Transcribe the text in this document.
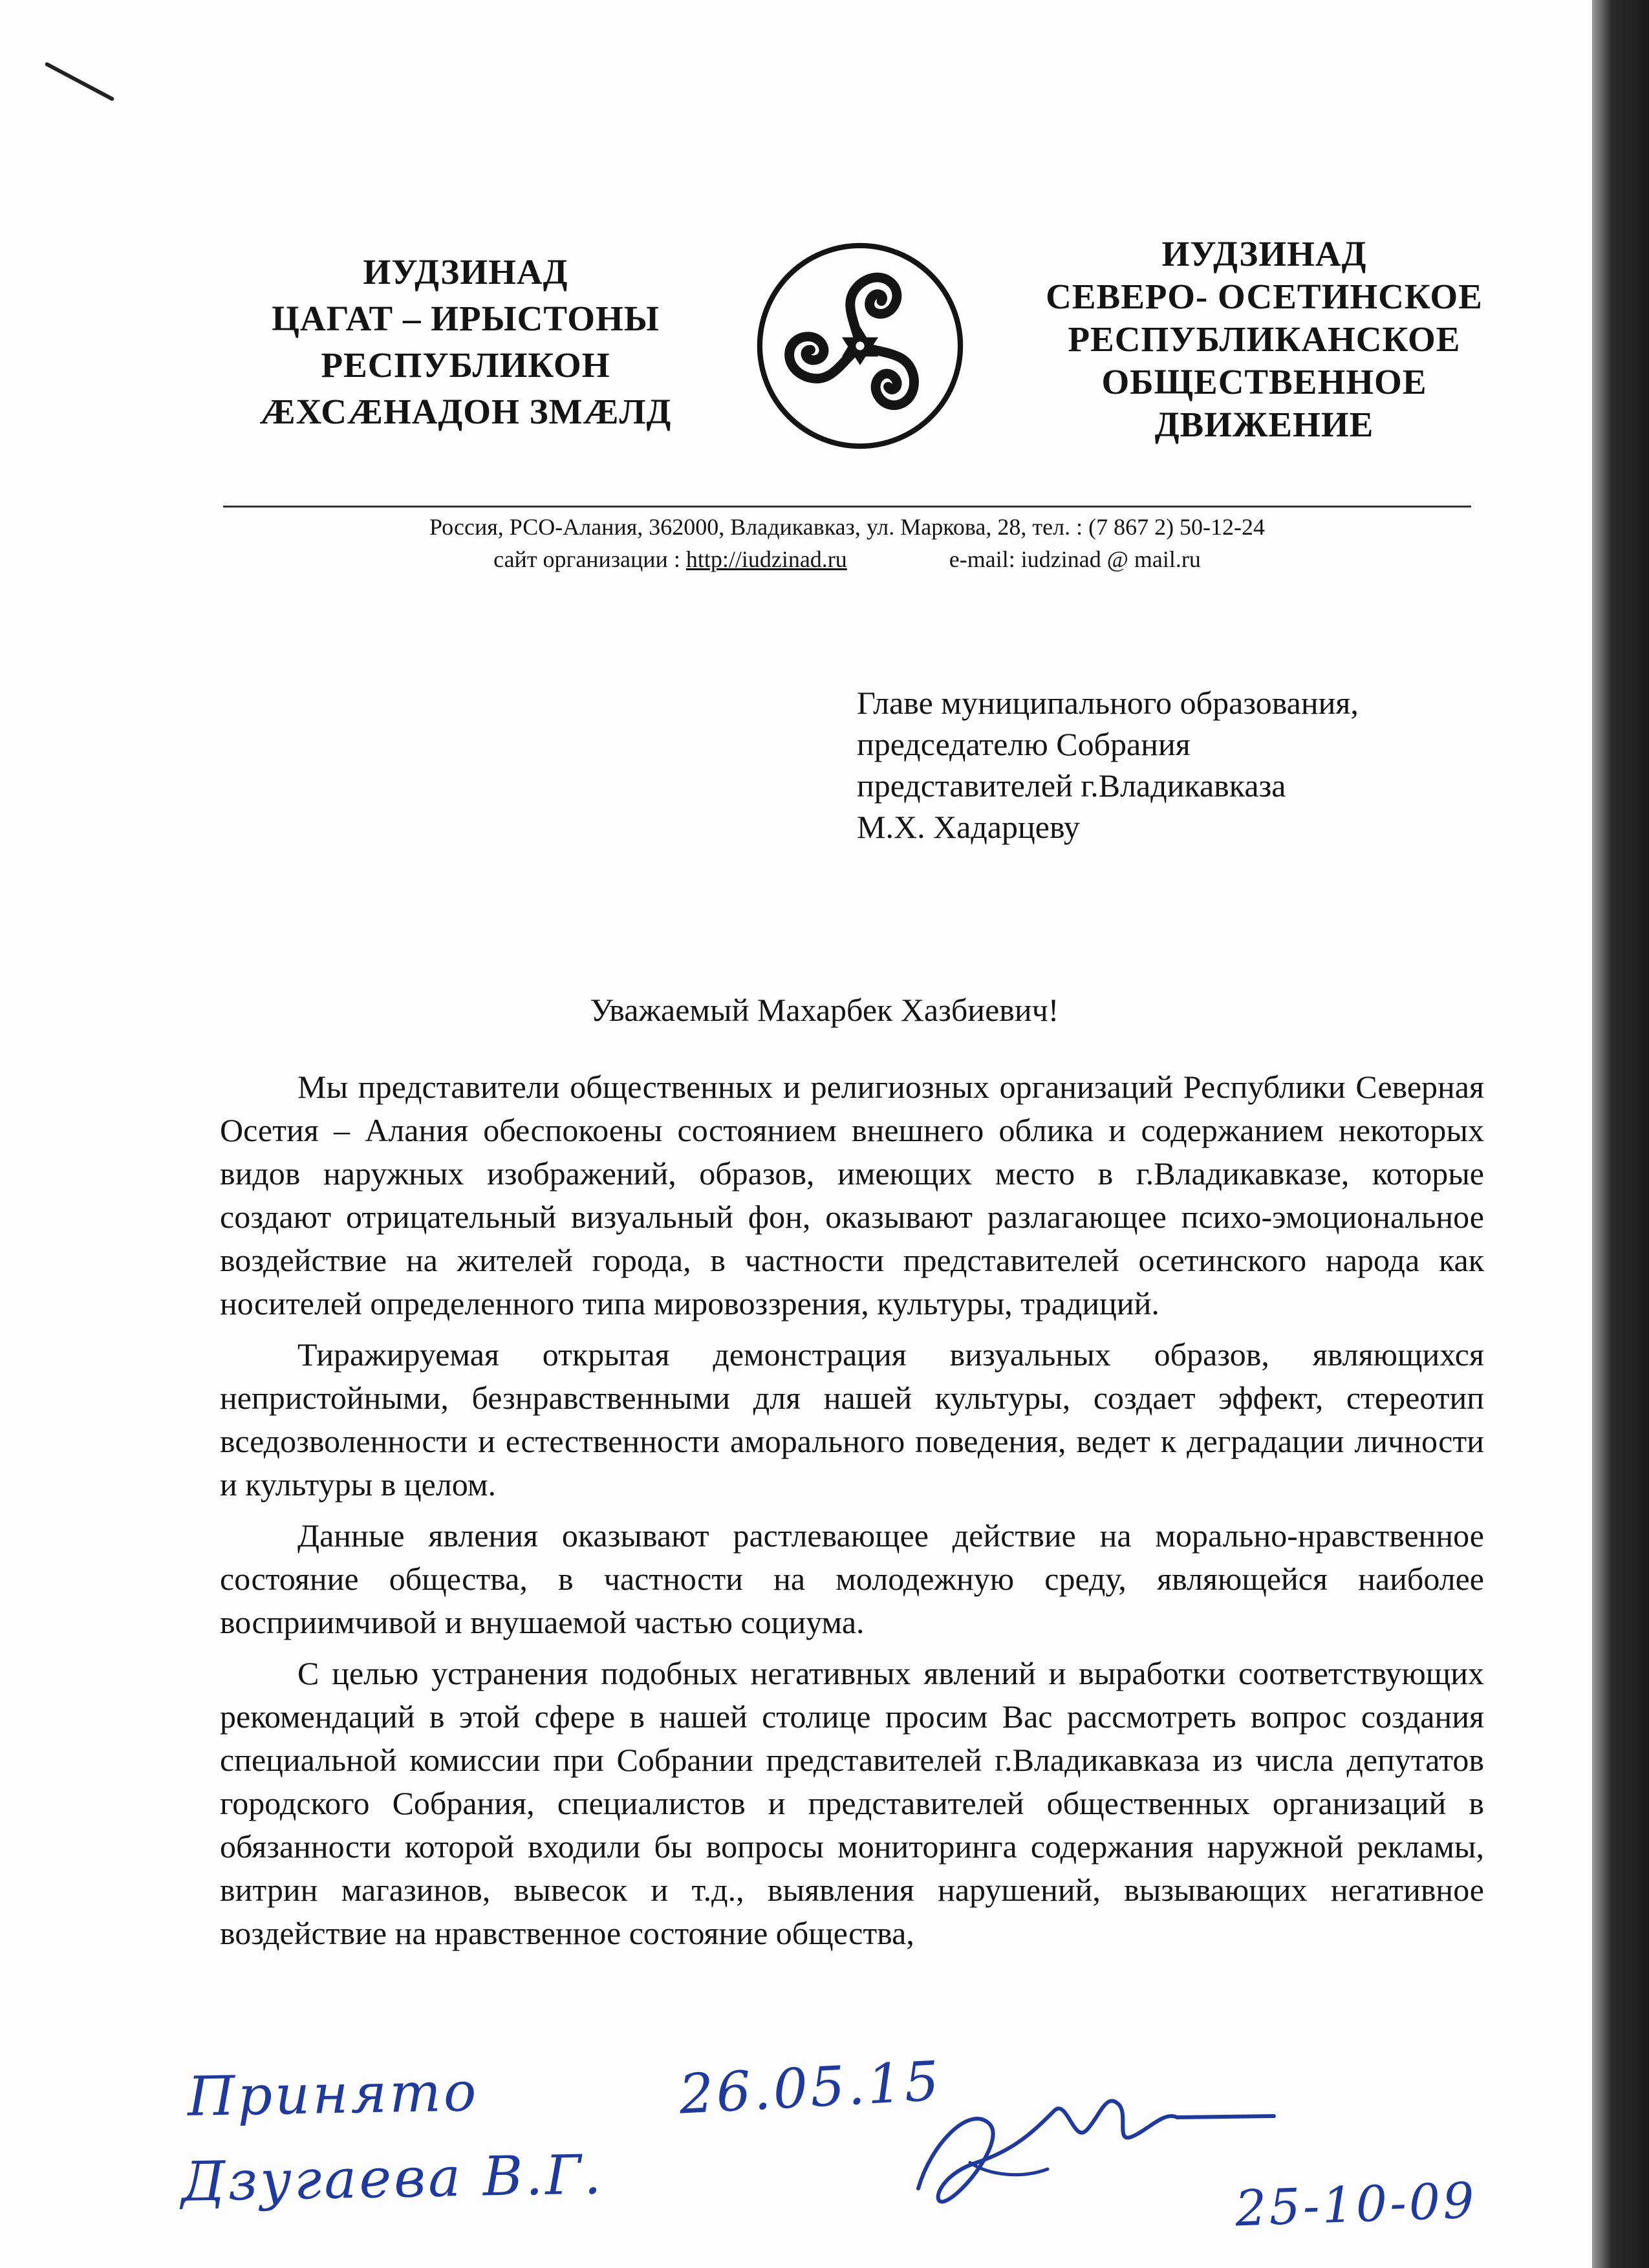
ИУДЗИНАД
ЦАГАТ – ИРЫСТОНЫ
РЕСПУБЛИКОН
ÆХСÆНАДОН ЗМÆЛД
ИУДЗИНАД
СЕВЕРО- ОСЕТИНСКОЕ
РЕСПУБЛИКАНСКОЕ
ОБЩЕСТВЕННОЕ
ДВИЖЕНИЕ
Россия, РСО-Алания, 362000, Владикавказ, ул. Маркова, 28, тел. : (7 867 2) 50-12-24
сайт организации : http://iudzinad.ru	e-mail: iudzinad @ mail.ru
Главе муниципального образования,
председателю Собрания
представителей г.Владикавказа
М.Х. Хадарцеву
Уважаемый Махарбек Хазбиевич!

Мы представители общественных и религиозных организаций Республики Северная Осетия – Алания обеспокоены состоянием внешнего облика и содержанием некоторых видов наружных изображений, образов, имеющих место в г.Владикавказе, которые создают отрицательный визуальный фон, оказывают разлагающее психо-эмоциональное воздействие на жителей города, в частности представителей осетинского народа как носителей определенного типа мировоззрения, культуры, традиций.

Тиражируемая открытая демонстрация визуальных образов, являющихся непристойными, безнравственными для нашей культуры, создает эффект, стереотип вседозволенности и естественности аморального поведения, ведет к деградации личности и культуры в целом.

Данные явления оказывают растлевающее действие на морально-нравственное состояние общества, в частности на молодежную среду, являющейся наиболее восприимчивой и внушаемой частью социума.

С целью устранения подобных негативных явлений и выработки соответствующих рекомендаций в этой сфере в нашей столице просим Вас рассмотреть вопрос создания специальной комиссии при Собрании представителей г.Владикавказа из числа депутатов городского Собрания, специалистов и представителей общественных организаций в обязанности которой входили бы вопросы мониторинга содержания наружной рекламы, витрин магазинов, вывесок и т.д., выявления нарушений, вызывающих негативное воздействие на нравственное состояние общества,

Принято	26.05.15
Дзугаева В.Г.	25-10-09
